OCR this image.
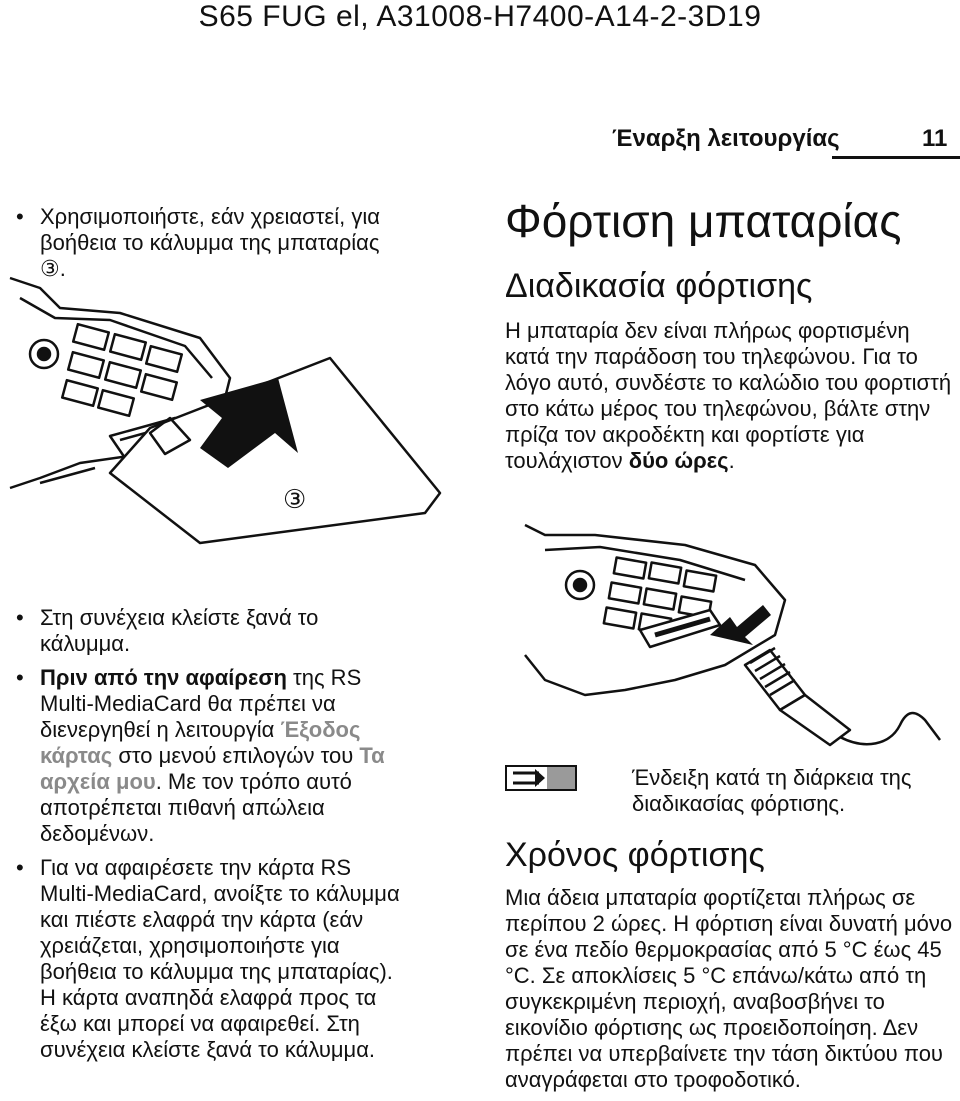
S65 FUG el, A31008-H7400-A14-2-3D19
Έναρξη λειτουργίας	11
• Χρησιμοποιήστε, εάν χρειαστεί, για βοήθεια το κάλυμμα της μπαταρίας ③.
③
• Στη συνέχεια κλείστε ξανά το κάλυμμα.
• Πριν από την αφαίρεση της RS Multi-MediaCard θα πρέπει να διενεργηθεί η λειτουργία Έξοδος κάρτας στο μενού επιλογών του Τα αρχεία μου. Με τον τρόπο αυτό αποτρέπεται πιθανή απώλεια δεδομένων.
• Για να αφαιρέσετε την κάρτα RS Multi-MediaCard, ανοίξτε το κάλυμμα και πιέστε ελαφρά την κάρτα (εάν χρειάζεται, χρησιμοποιήστε για βοήθεια το κάλυμμα της μπαταρίας). Η κάρτα αναπηδά ελαφρά προς τα έξω και μπορεί να αφαιρεθεί. Στη συνέχεια κλείστε ξανά το κάλυμμα.
Φόρτιση μπαταρίας
Διαδικασία φόρτισης
Η μπαταρία δεν είναι πλήρως φορτισμένη κατά την παράδοση του τηλεφώνου. Για το λόγο αυτό, συνδέστε το καλώδιο του φορτιστή στο κάτω μέρος του τηλεφώνου, βάλτε στην πρίζα τον ακροδέκτη και φορτίστε για τουλάχιστον δύο ώρες.
Ένδειξη κατά τη διάρκεια της διαδικασίας φόρτισης.
Χρόνος φόρτισης
Μια άδεια μπαταρία φορτίζεται πλήρως σε περίπου 2 ώρες. Η φόρτιση είναι δυνατή μόνο σε ένα πεδίο θερμοκρασίας από 5 °C έως 45 °C. Σε αποκλίσεις 5 °C επάνω/κάτω από τη συγκεκριμένη περιοχή, αναβοσβήνει το εικονίδιο φόρτισης ως προειδοποίηση. Δεν πρέπει να υπερβαίνετε την τάση δικτύου που αναγράφεται στο τροφοδοτικό.
